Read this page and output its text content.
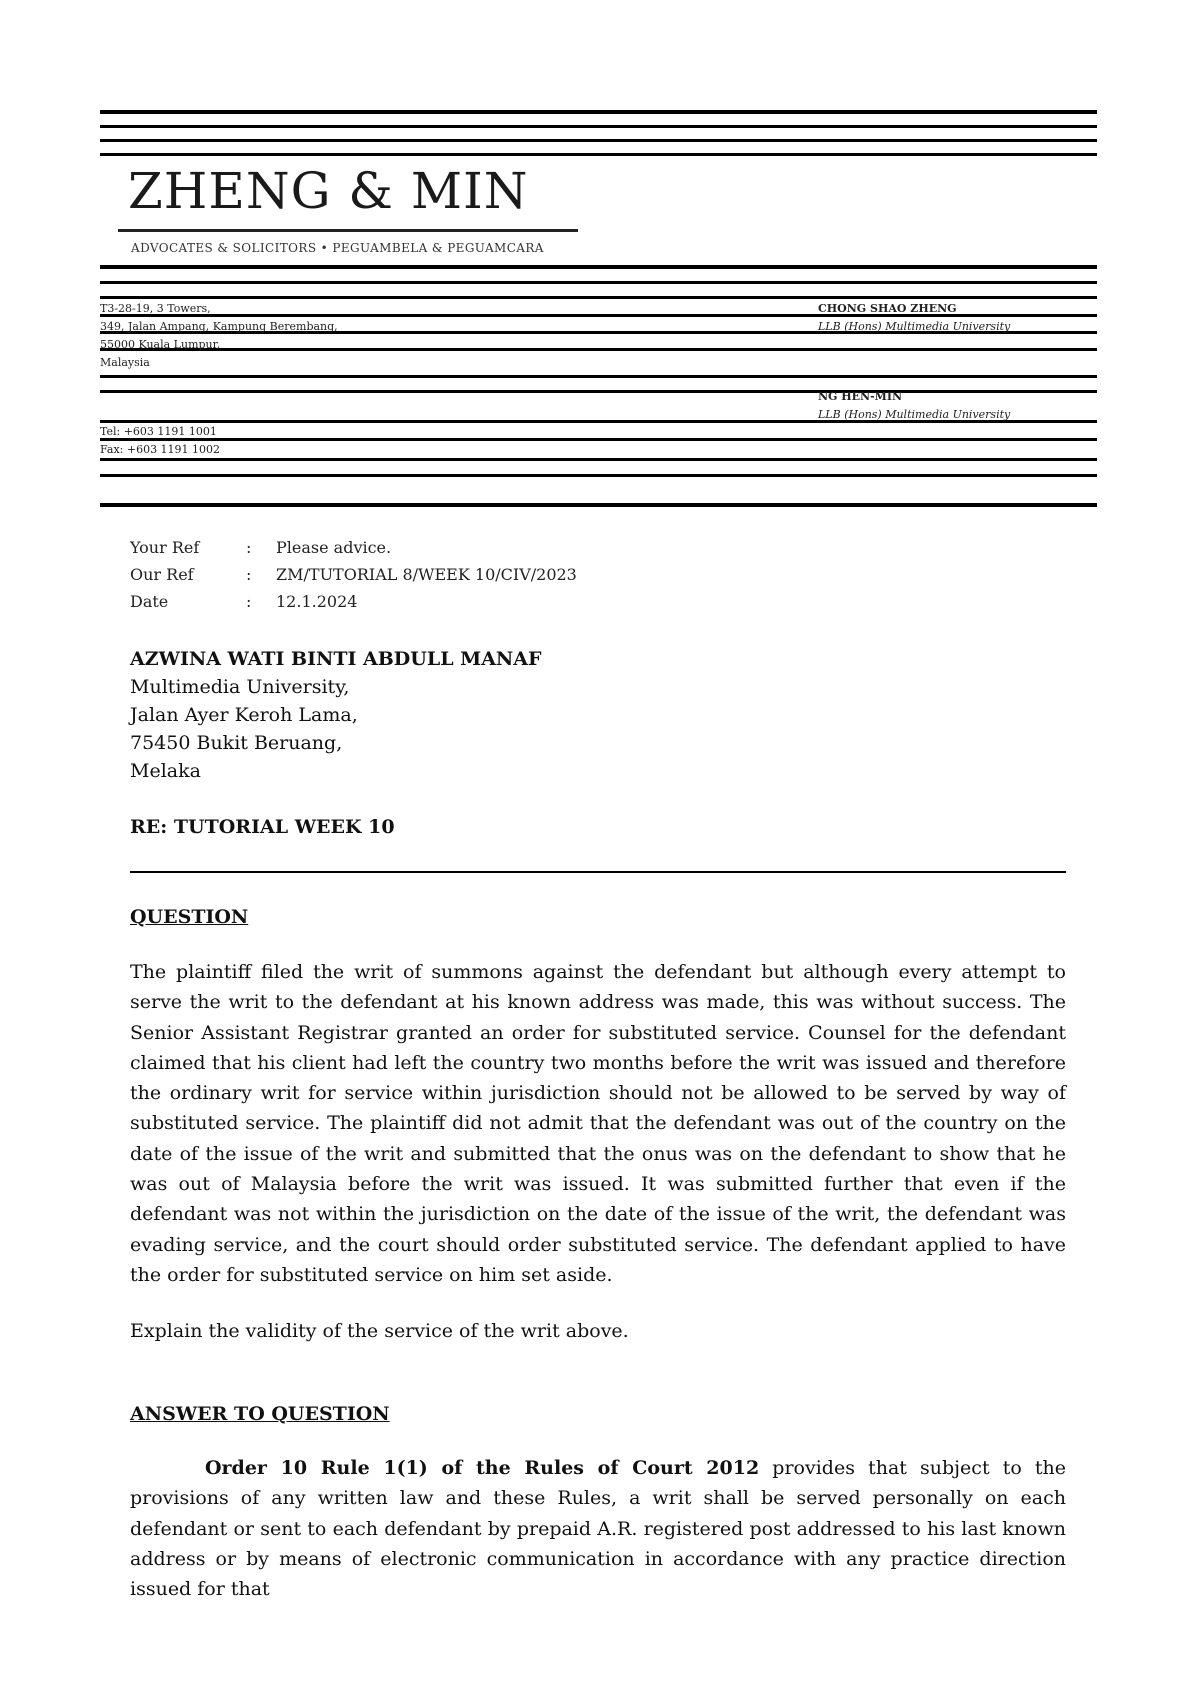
ZHENG & MIN
ADVOCATES & SOLICITORS • PEGUAMBELA & PEGUAMCARA
T3-28-19, 3 Towers,
349, Jalan Ampang, Kampung Berembang,
55000 Kuala Lumpur,
Malaysia
Tel: +603 1191 1001
Fax: +603 1191 1002
CHONG SHAO ZHENG
LLB (Hons) Multimedia University
NG HEN-MIN
LLB (Hons) Multimedia University
Your Ref	: Please advice.
Our Ref	: ZM/TUTORIAL 8/WEEK 10/CIV/2023
Date	: 12.1.2024
AZWINA WATI BINTI ABDULL MANAF
Multimedia University,
Jalan Ayer Keroh Lama,
75450 Bukit Beruang,
Melaka
RE: TUTORIAL WEEK 10
QUESTION

The plaintiff filed the writ of summons against the defendant but although every attempt to serve the writ to the defendant at his known address was made, this was without success. The Senior Assistant Registrar granted an order for substituted service. Counsel for the defendant claimed that his client had left the country two months before the writ was issued and therefore the ordinary writ for service within jurisdiction should not be allowed to be served by way of substituted service. The plaintiff did not admit that the defendant was out of the country on the date of the issue of the writ and submitted that the onus was on the defendant to show that he was out of Malaysia before the writ was issued. It was submitted further that even if the defendant was not within the jurisdiction on the date of the issue of the writ, the defendant was evading service, and the court should order substituted service. The defendant applied to have the order for substituted service on him set aside.

Explain the validity of the service of the writ above.

ANSWER TO QUESTION

Order 10 Rule 1(1) of the Rules of Court 2012 provides that subject to the provisions of any written law and these Rules, a writ shall be served personally on each defendant or sent to each defendant by prepaid A.R. registered post addressed to his last known address or by means of electronic communication in accordance with any practice direction issued for that
